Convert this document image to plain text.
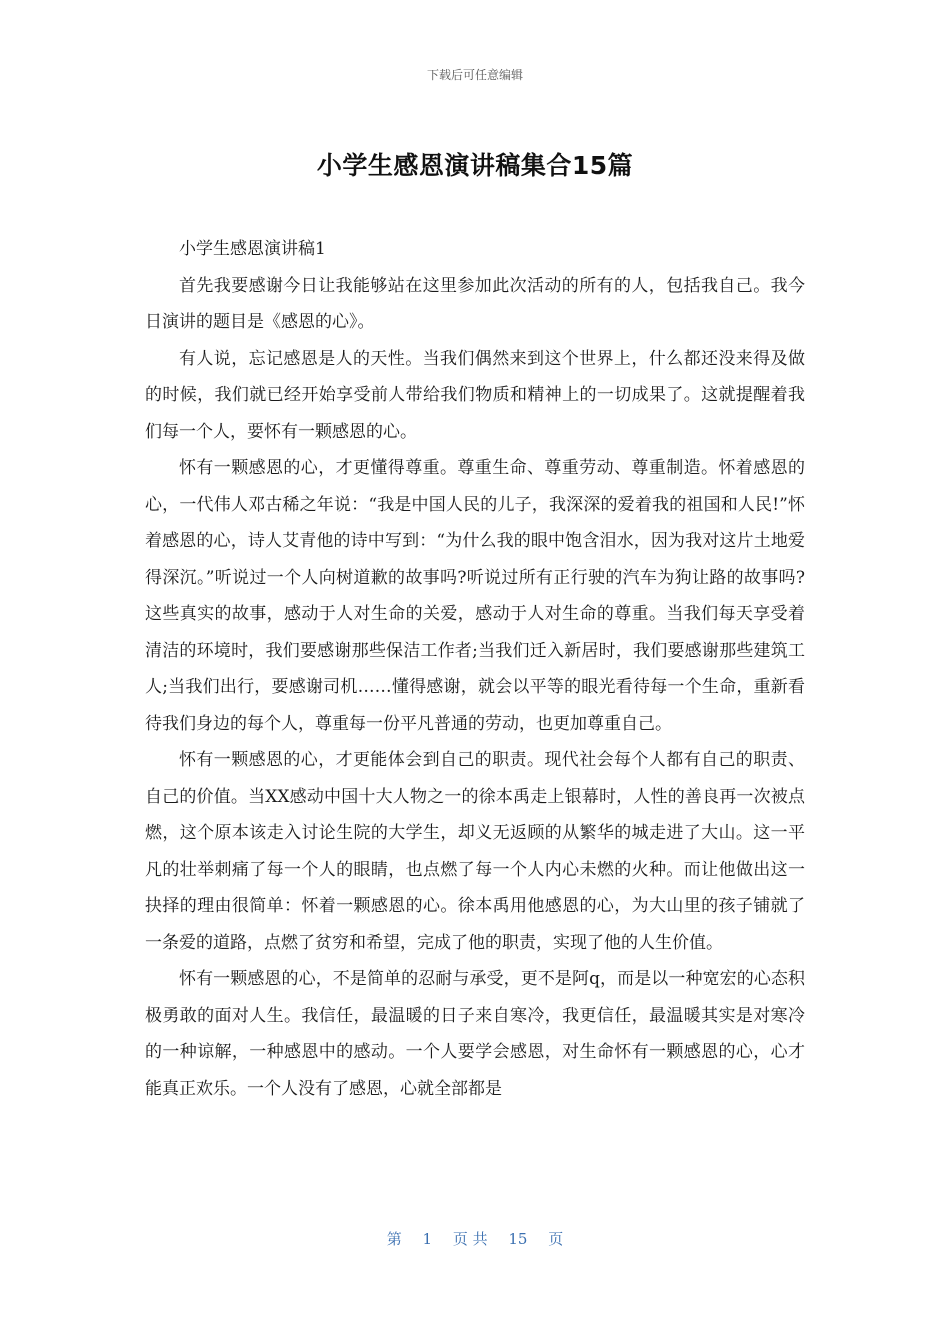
下载后可任意编辑
小学生感恩演讲稿集合15篇

小学生感恩演讲稿1

首先我要感谢今日让我能够站在这里参加此次活动的所有的人，包括我自己。我今日演讲的题目是《感恩的心》。

有人说，忘记感恩是人的天性。当我们偶然来到这个世界上，什么都还没来得及做的时候，我们就已经开始享受前人带给我们物质和精神上的一切成果了。这就提醒着我们每一个人，要怀有一颗感恩的心。

怀有一颗感恩的心，才更懂得尊重。尊重生命、尊重劳动、尊重制造。怀着感恩的心，一代伟人邓古稀之年说：“我是中国人民的儿子，我深深的爱着我的祖国和人民!”怀着感恩的心，诗人艾青他的诗中写到：“为什么我的眼中饱含泪水，因为我对这片土地爱得深沉。”听说过一个人向树道歉的故事吗?听说过所有正行驶的汽车为狗让路的故事吗?这些真实的故事，感动于人对生命的关爱，感动于人对生命的尊重。当我们每天享受着清洁的环境时，我们要感谢那些保洁工作者;当我们迁入新居时，我们要感谢那些建筑工人;当我们出行，要感谢司机……懂得感谢，就会以平等的眼光看待每一个生命，重新看待我们身边的每个人，尊重每一份平凡普通的劳动，也更加尊重自己。

怀有一颗感恩的心，才更能体会到自己的职责。现代社会每个人都有自己的职责、自己的价值。当XX感动中国十大人物之一的徐本禹走上银幕时，人性的善良再一次被点燃，这个原本该走入讨论生院的大学生，却义无返顾的从繁华的城走进了大山。这一平凡的壮举刺痛了每一个人的眼睛，也点燃了每一个人内心未燃的火种。而让他做出这一抉择的理由很简单：怀着一颗感恩的心。徐本禹用他感恩的心，为大山里的孩子铺就了一条爱的道路，点燃了贫穷和希望，完成了他的职责，实现了他的人生价值。

怀有一颗感恩的心，不是简单的忍耐与承受，更不是阿q，而是以一种宽宏的心态积极勇敢的面对人生。我信任，最温暖的日子来自寒冷，我更信任，最温暖其实是对寒冷的一种谅解，一种感恩中的感动。一个人要学会感恩，对生命怀有一颗感恩的心，心才能真正欢乐。一个人没有了感恩，心就全部都是

第 1 页 共 15 页
